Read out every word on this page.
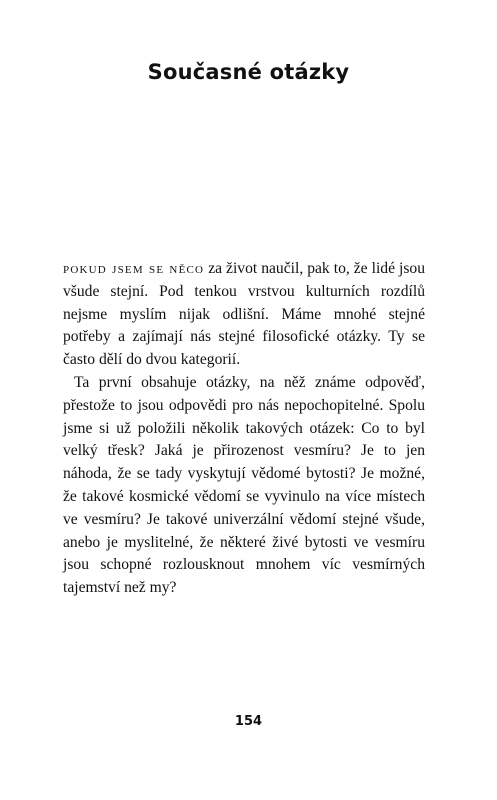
Současné otázky

pokud jsem se něco za život naučil, pak to, že lidé jsou všude stejní. Pod tenkou vrstvou kulturních rozdílů nejsme myslím nijak odlišní. Máme mnohé stejné potřeby a zajímají nás stejné filosofické otázky. Ty se často dělí do dvou kategorií.

Ta první obsahuje otázky, na něž známe odpověď, přestože to jsou odpovědi pro nás nepochopitelné. Spolu jsme si už položili několik takových otázek: Co to byl velký třesk? Jaká je přirozenost vesmíru? Je to jen náhoda, že se tady vyskytují vědomé bytosti? Je možné, že takové kosmické vědomí se vyvinulo na více místech ve vesmíru? Je takové univerzální vědomí stejné všude, anebo je myslitelné, že některé živé bytosti ve vesmíru jsou schopné rozlousknout mnohem víc vesmírných tajemství než my?

154
